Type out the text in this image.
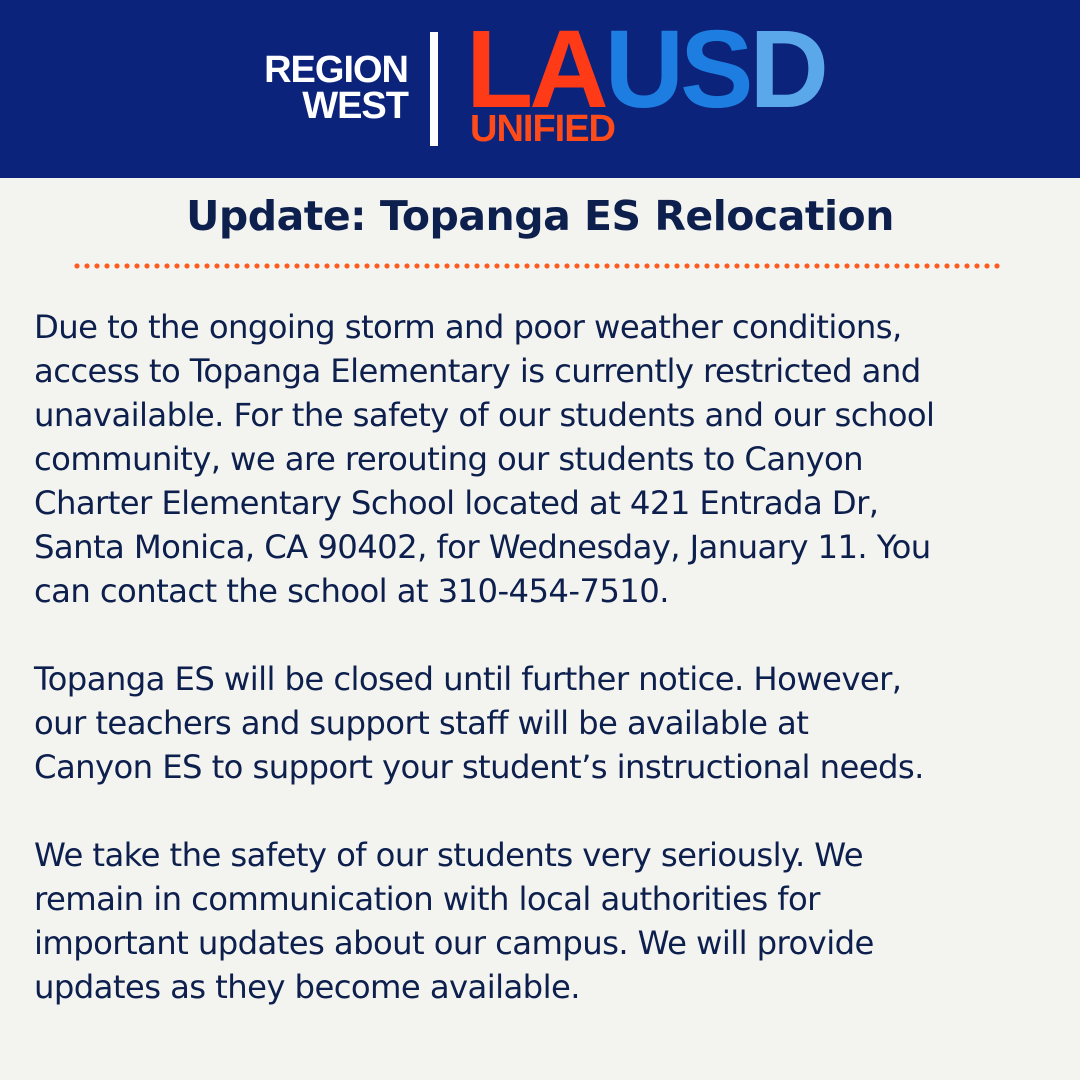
REGION
WEST LAUSD
UNIFIED
Update: Topanga ES Relocation

Due to the ongoing storm and poor weather conditions,
access to Topanga Elementary is currently restricted and
unavailable. For the safety of our students and our school
community, we are rerouting our students to Canyon
Charter Elementary School located at 421 Entrada Dr,
Santa Monica, CA 90402, for Wednesday, January 11. You
can contact the school at 310-454-7510.

Topanga ES will be closed until further notice. However,
our teachers and support staff will be available at
Canyon ES to support your student’s instructional needs.

We take the safety of our students very seriously. We
remain in communication with local authorities for
important updates about our campus. We will provide
updates as they become available.
